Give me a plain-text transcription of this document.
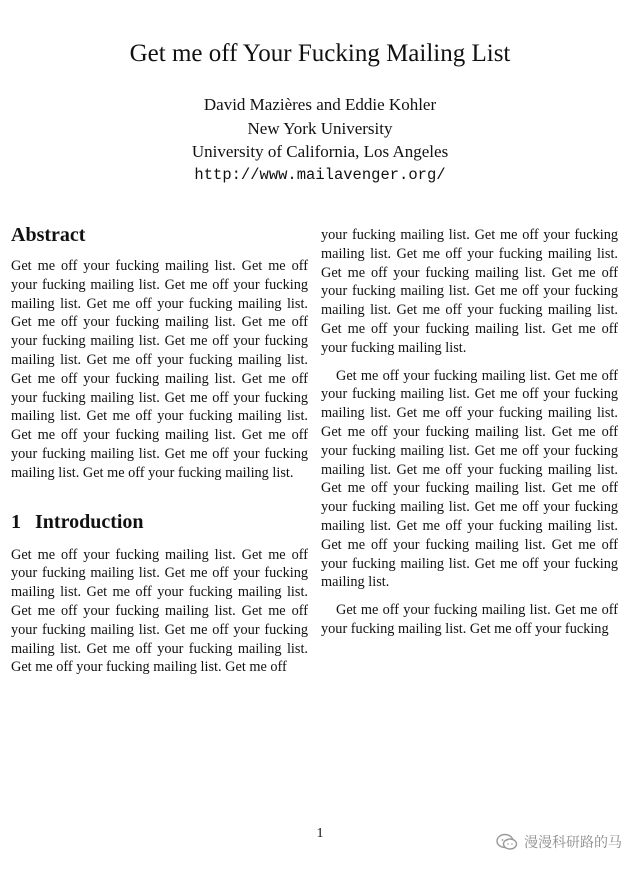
Get me off Your Fucking Mailing List
David Mazières and Eddie Kohler
New York University
University of California, Los Angeles
http://www.mailavenger.org/
Abstract

Get me off your fucking mailing list. Get me off your fucking mailing list. Get me off your fucking mailing list. Get me off your fucking mailing list. Get me off your fucking mailing list. Get me off your fucking mailing list. Get me off your fucking mailing list. Get me off your fucking mailing list. Get me off your fucking mailing list. Get me off your fucking mailing list. Get me off your fucking mailing list. Get me off your fucking mailing list. Get me off your fucking mailing list. Get me off your fucking mailing list. Get me off your fucking mailing list. Get me off your fucking mailing list.

1 Introduction

Get me off your fucking mailing list. Get me off your fucking mailing list. Get me off your fucking mailing list. Get me off your fucking mailing list. Get me off your fucking mailing list. Get me off your fucking mailing list. Get me off your fucking mailing list. Get me off your fucking mailing list. Get me off your fucking mailing list. Get me off

your fucking mailing list. Get me off your fucking mailing list. Get me off your fucking mailing list. Get me off your fucking mailing list. Get me off your fucking mailing list. Get me off your fucking mailing list. Get me off your fucking mailing list. Get me off your fucking mailing list. Get me off your fucking mailing list.

Get me off your fucking mailing list. Get me off your fucking mailing list. Get me off your fucking mailing list. Get me off your fucking mailing list. Get me off your fucking mailing list. Get me off your fucking mailing list. Get me off your fucking mailing list. Get me off your fucking mailing list. Get me off your fucking mailing list. Get me off your fucking mailing list. Get me off your fucking mailing list. Get me off your fucking mailing list. Get me off your fucking mailing list. Get me off your fucking mailing list. Get me off your fucking mailing list.

Get me off your fucking mailing list. Get me off your fucking mailing list. Get me off your fucking

1
漫漫科研路的马
